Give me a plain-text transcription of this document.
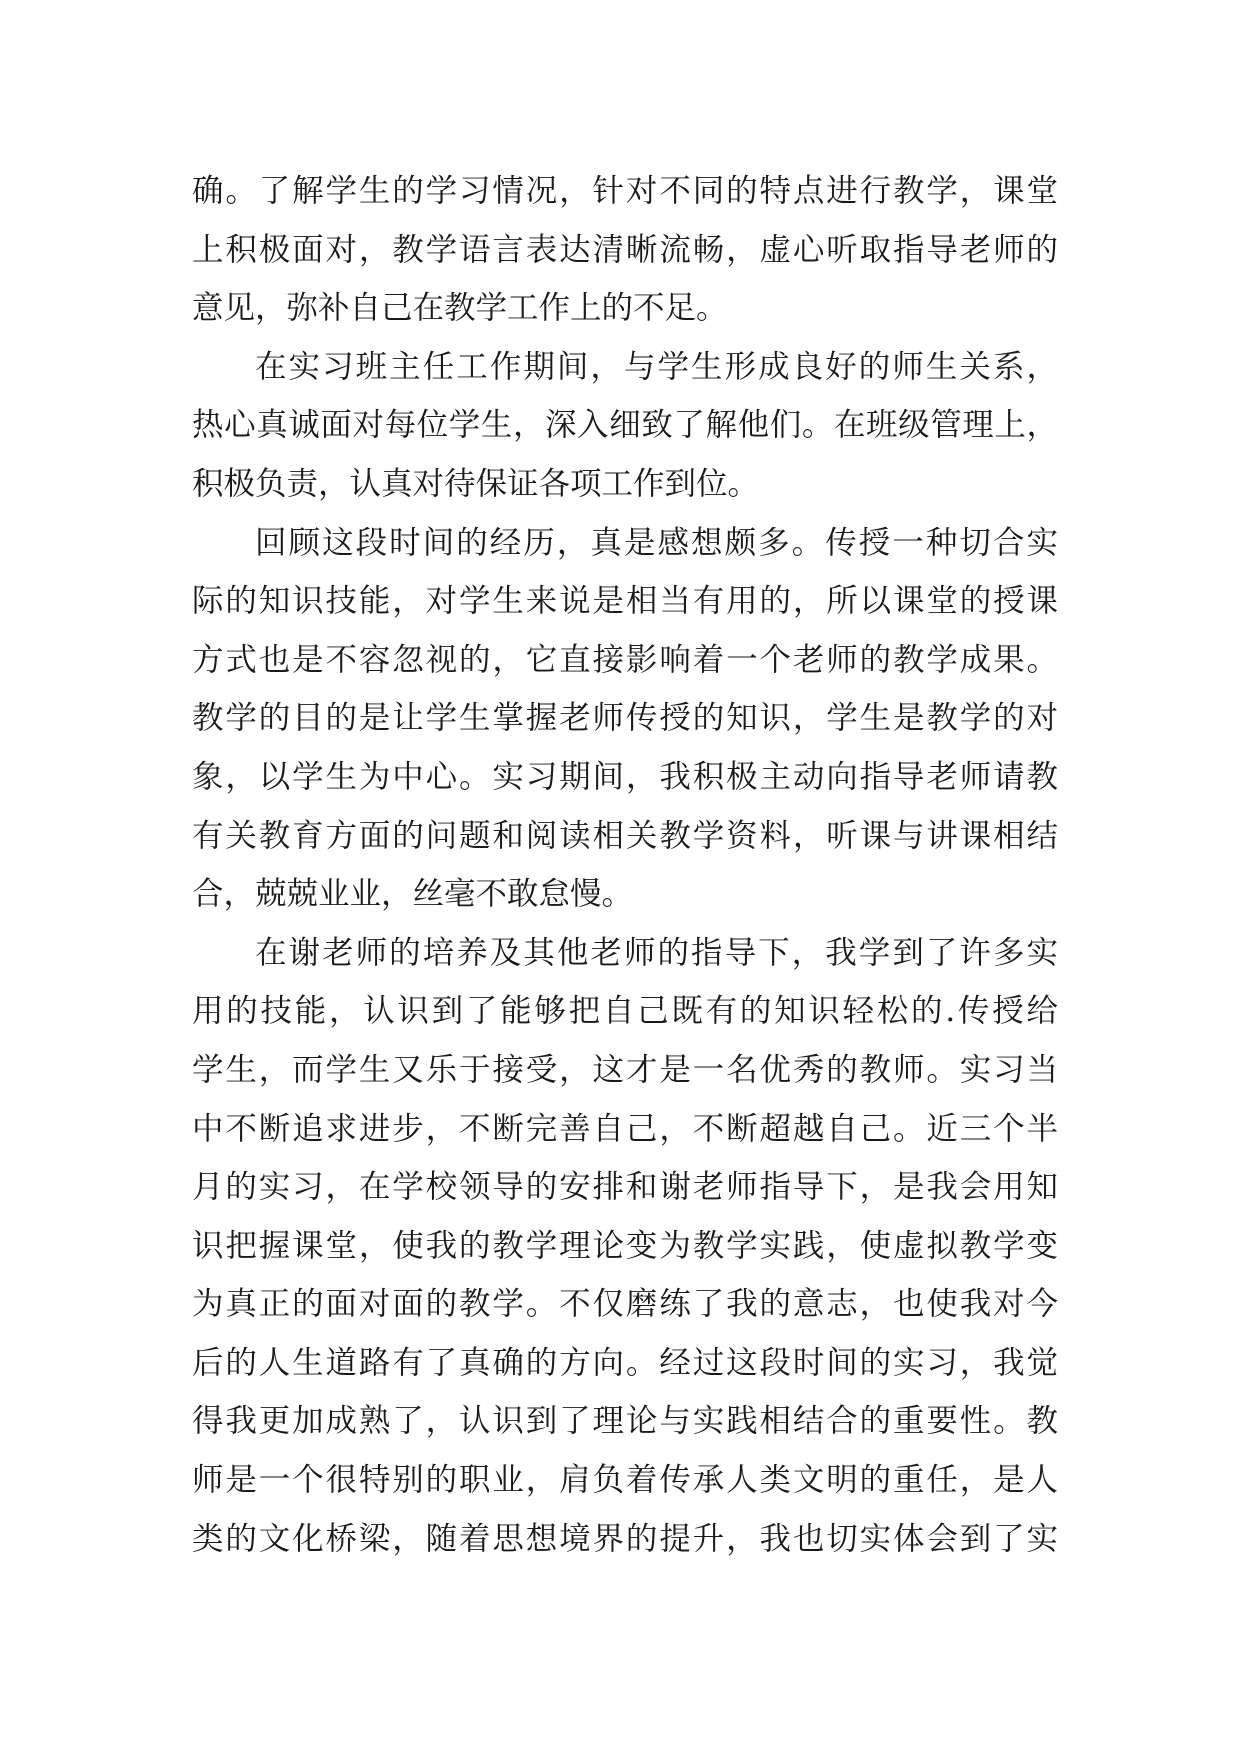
确。了解学生的学习情况，针对不同的特点进行教学，课堂
上积极面对，教学语言表达清晰流畅，虚心听取指导老师的
意见，弥补自己在教学工作上的不足。
在实习班主任工作期间，与学生形成良好的师生关系，
热心真诚面对每位学生，深入细致了解他们。在班级管理上，
积极负责，认真对待保证各项工作到位。
回顾这段时间的经历，真是感想颇多。传授一种切合实
际的知识技能，对学生来说是相当有用的，所以课堂的授课
方式也是不容忽视的，它直接影响着一个老师的教学成果。
教学的目的是让学生掌握老师传授的知识，学生是教学的对
象，以学生为中心。实习期间，我积极主动向指导老师请教
有关教育方面的问题和阅读相关教学资料，听课与讲课相结
合，兢兢业业，丝毫不敢怠慢。
在谢老师的培养及其他老师的指导下，我学到了许多实
用的技能，认识到了能够把自己既有的知识轻松的.传授给
学生，而学生又乐于接受，这才是一名优秀的教师。实习当
中不断追求进步，不断完善自己，不断超越自己。近三个半
月的实习，在学校领导的安排和谢老师指导下，是我会用知
识把握课堂，使我的教学理论变为教学实践，使虚拟教学变
为真正的面对面的教学。不仅磨练了我的意志，也使我对今
后的人生道路有了真确的方向。经过这段时间的实习，我觉
得我更加成熟了，认识到了理论与实践相结合的重要性。教
师是一个很特别的职业，肩负着传承人类文明的重任，是人
类的文化桥梁，随着思想境界的提升，我也切实体会到了实
